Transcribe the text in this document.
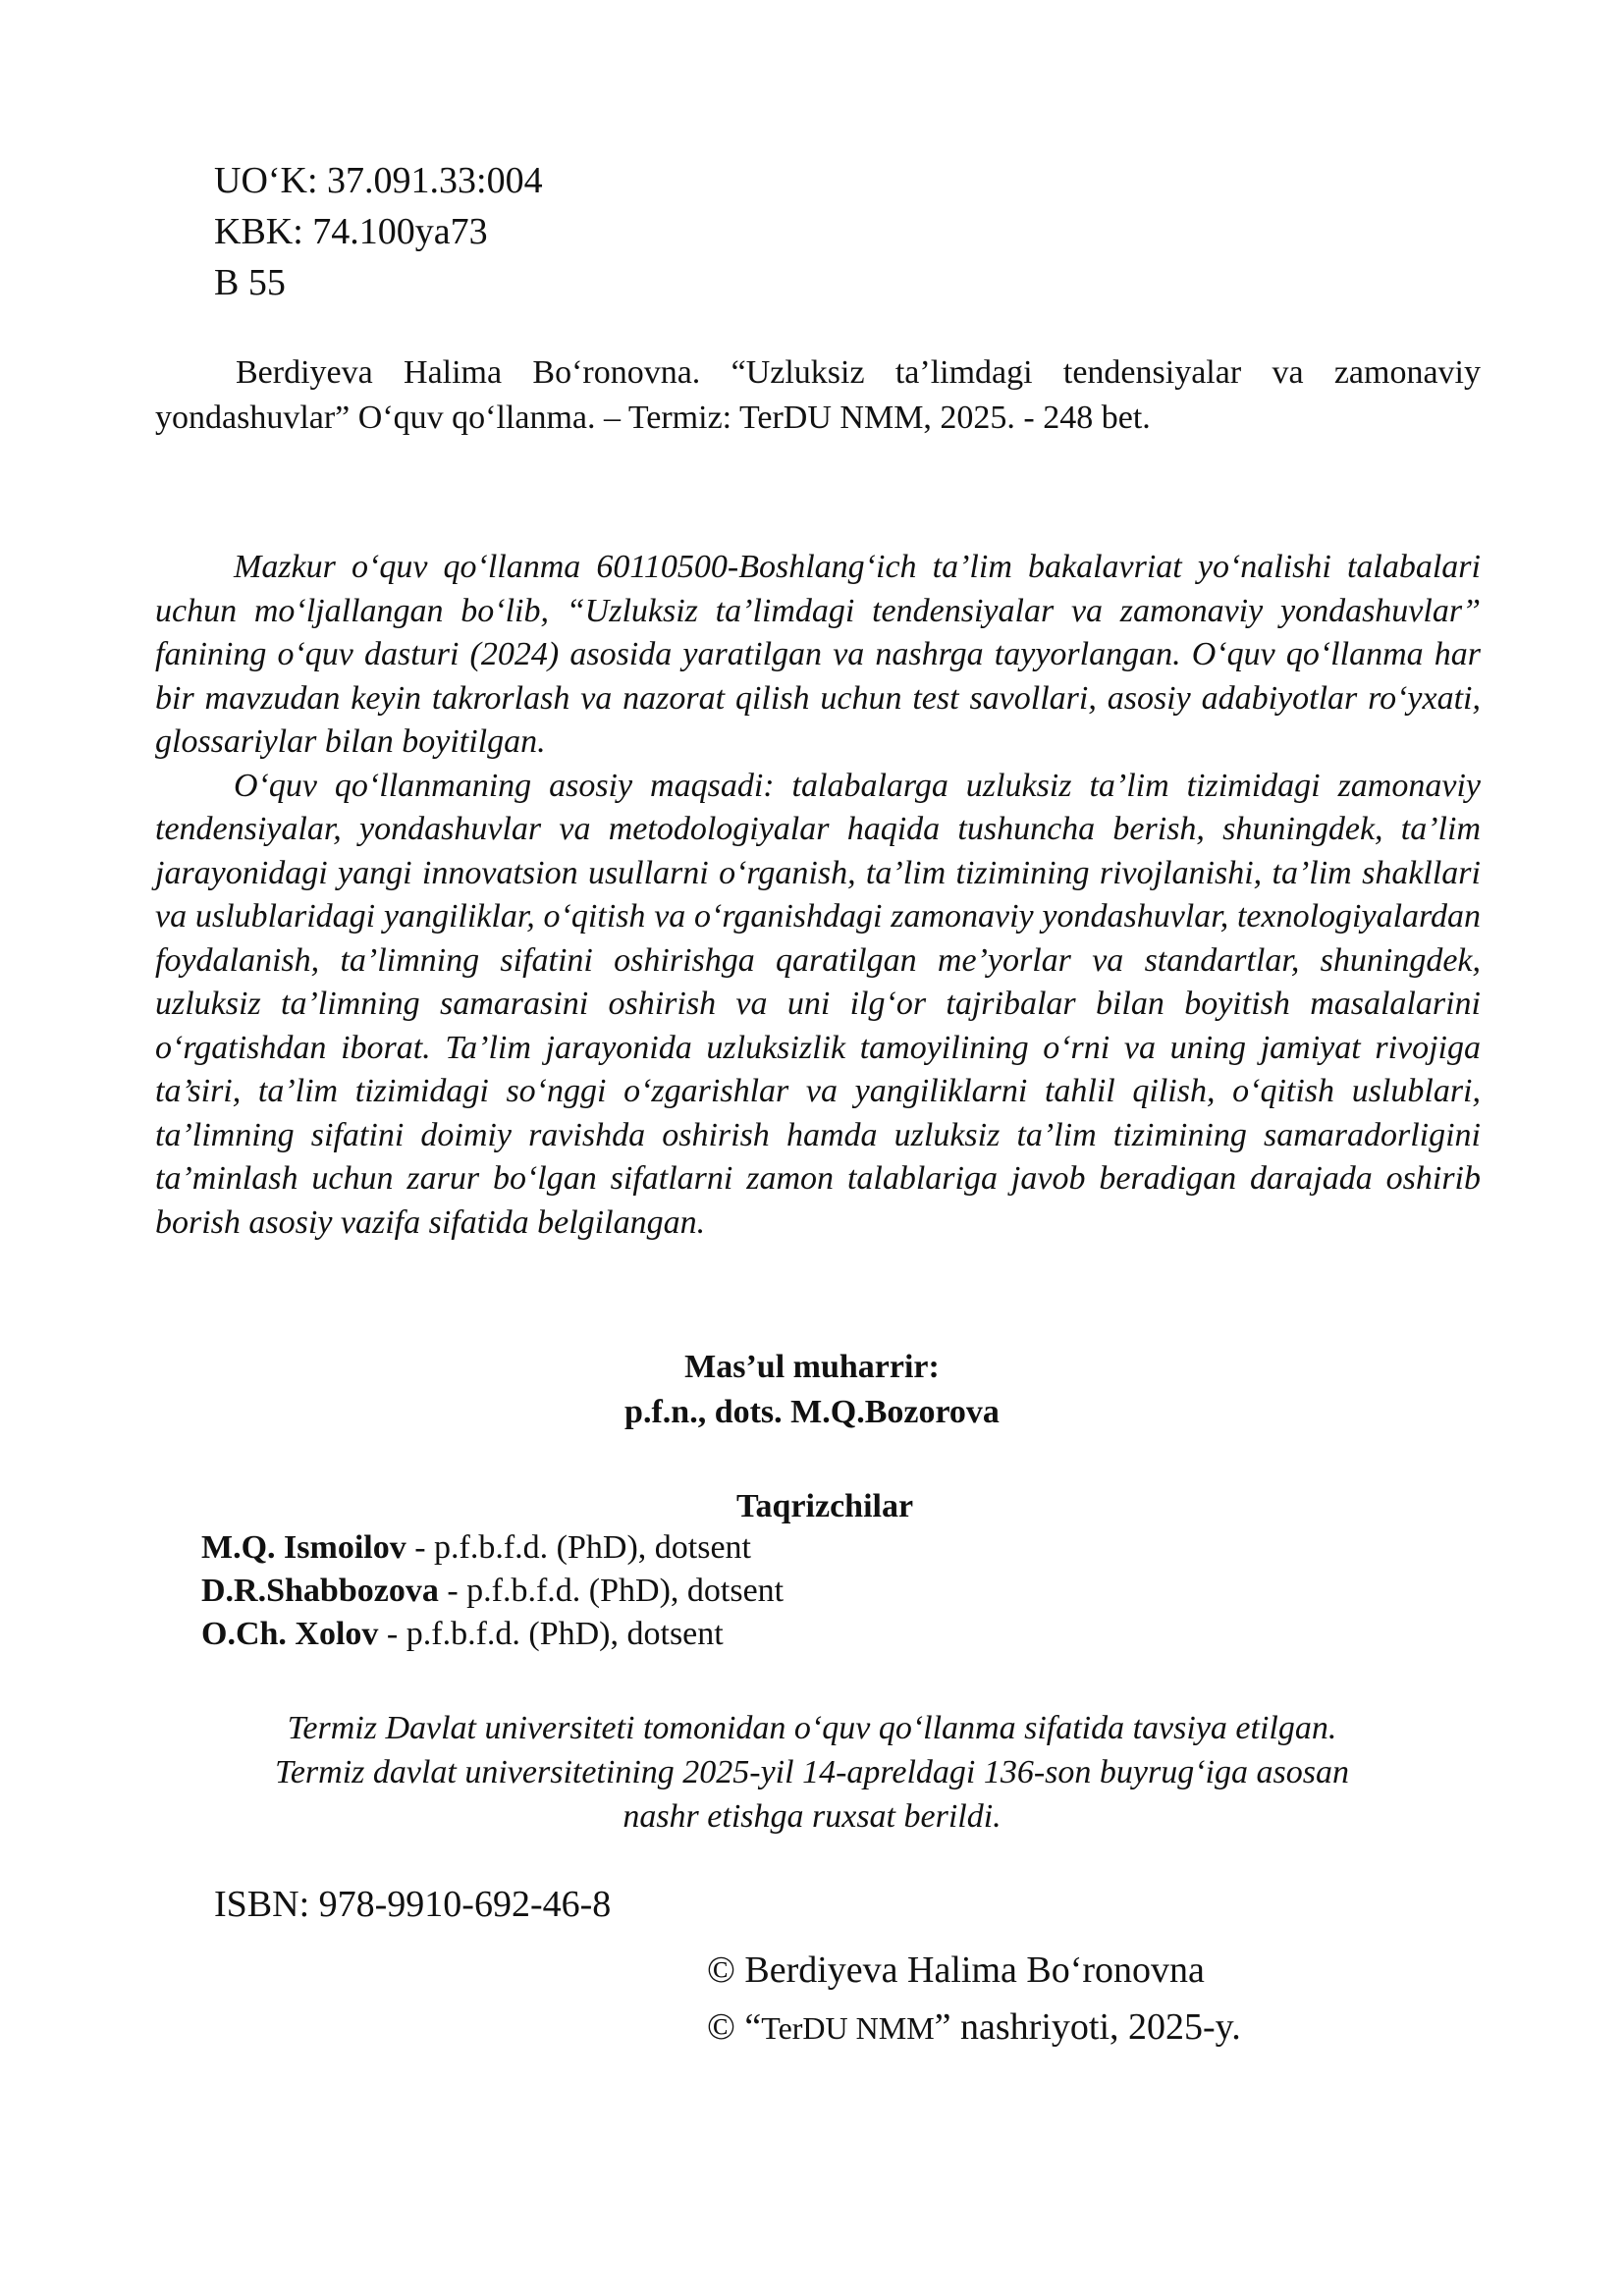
UO‘K: 37.091.33:004
KBK: 74.100ya73
B 55
Berdiyeva Halima Bo‘ronovna. “Uzluksiz ta’limdagi tendensiyalar va zamonaviy yondashuvlar” O‘quv qo‘llanma. – Termiz: TerDU NMM, 2025. - 248 bet.

Mazkur o‘quv qo‘llanma 60110500-Boshlang‘ich ta’lim bakalavriat yo‘nalishi talabalari uchun mo‘ljallangan bo‘lib, “Uzluksiz ta’limdagi tendensiyalar va zamonaviy yondashuvlar” fanining o‘quv dasturi (2024) asosida yaratilgan va nashrga tayyorlangan. O‘quv qo‘llanma har bir mavzudan keyin takrorlash va nazorat qilish uchun test savollari, asosiy adabiyotlar ro‘yxati, glossariylar bilan boyitilgan.

O‘quv qo‘llanmaning asosiy maqsadi: talabalarga uzluksiz ta’lim tizimidagi zamonaviy tendensiyalar, yondashuvlar va metodologiyalar haqida tushuncha berish, shuningdek, ta’lim jarayonidagi yangi innovatsion usullarni o‘rganish, ta’lim tizimining rivojlanishi, ta’lim shakllari va uslublaridagi yangiliklar, o‘qitish va o‘rganishdagi zamonaviy yondashuvlar, texnologiyalardan foydalanish, ta’limning sifatini oshirishga qaratilgan me’yorlar va standartlar, shuningdek, uzluksiz ta’limning samarasini oshirish va uni ilg‘or tajribalar bilan boyitish masalalarini o‘rgatishdan iborat. Ta’lim jarayonida uzluksizlik tamoyilining o‘rni va uning jamiyat rivojiga ta’siri, ta’lim tizimidagi so‘nggi o‘zgarishlar va yangiliklarni tahlil qilish, o‘qitish uslublari, ta’limning sifatini doimiy ravishda oshirish hamda uzluksiz ta’lim tizimining samaradorligini ta’minlash uchun zarur bo‘lgan sifatlarni zamon talablariga javob beradigan darajada oshirib borish asosiy vazifa sifatida belgilangan.

Mas’ul muharrir:
p.f.n., dots. M.Q.Bozorova
Taqrizchilar
M.Q. Ismoilov - p.f.b.f.d. (PhD), dotsent
D.R.Shabbozova - p.f.b.f.d. (PhD), dotsent
O.Ch. Xolov - p.f.b.f.d. (PhD), dotsent
Termiz Davlat universiteti tomonidan o‘quv qo‘llanma sifatida tavsiya etilgan.
Termiz davlat universitetining 2025-yil 14-apreldagi 136-son buyrug‘iga asosan
nashr etishga ruxsat berildi.
ISBN: 978-9910-692-46-8
© Berdiyeva Halima Bo‘ronovna
© “TerDU NMM” nashriyoti, 2025-y.
